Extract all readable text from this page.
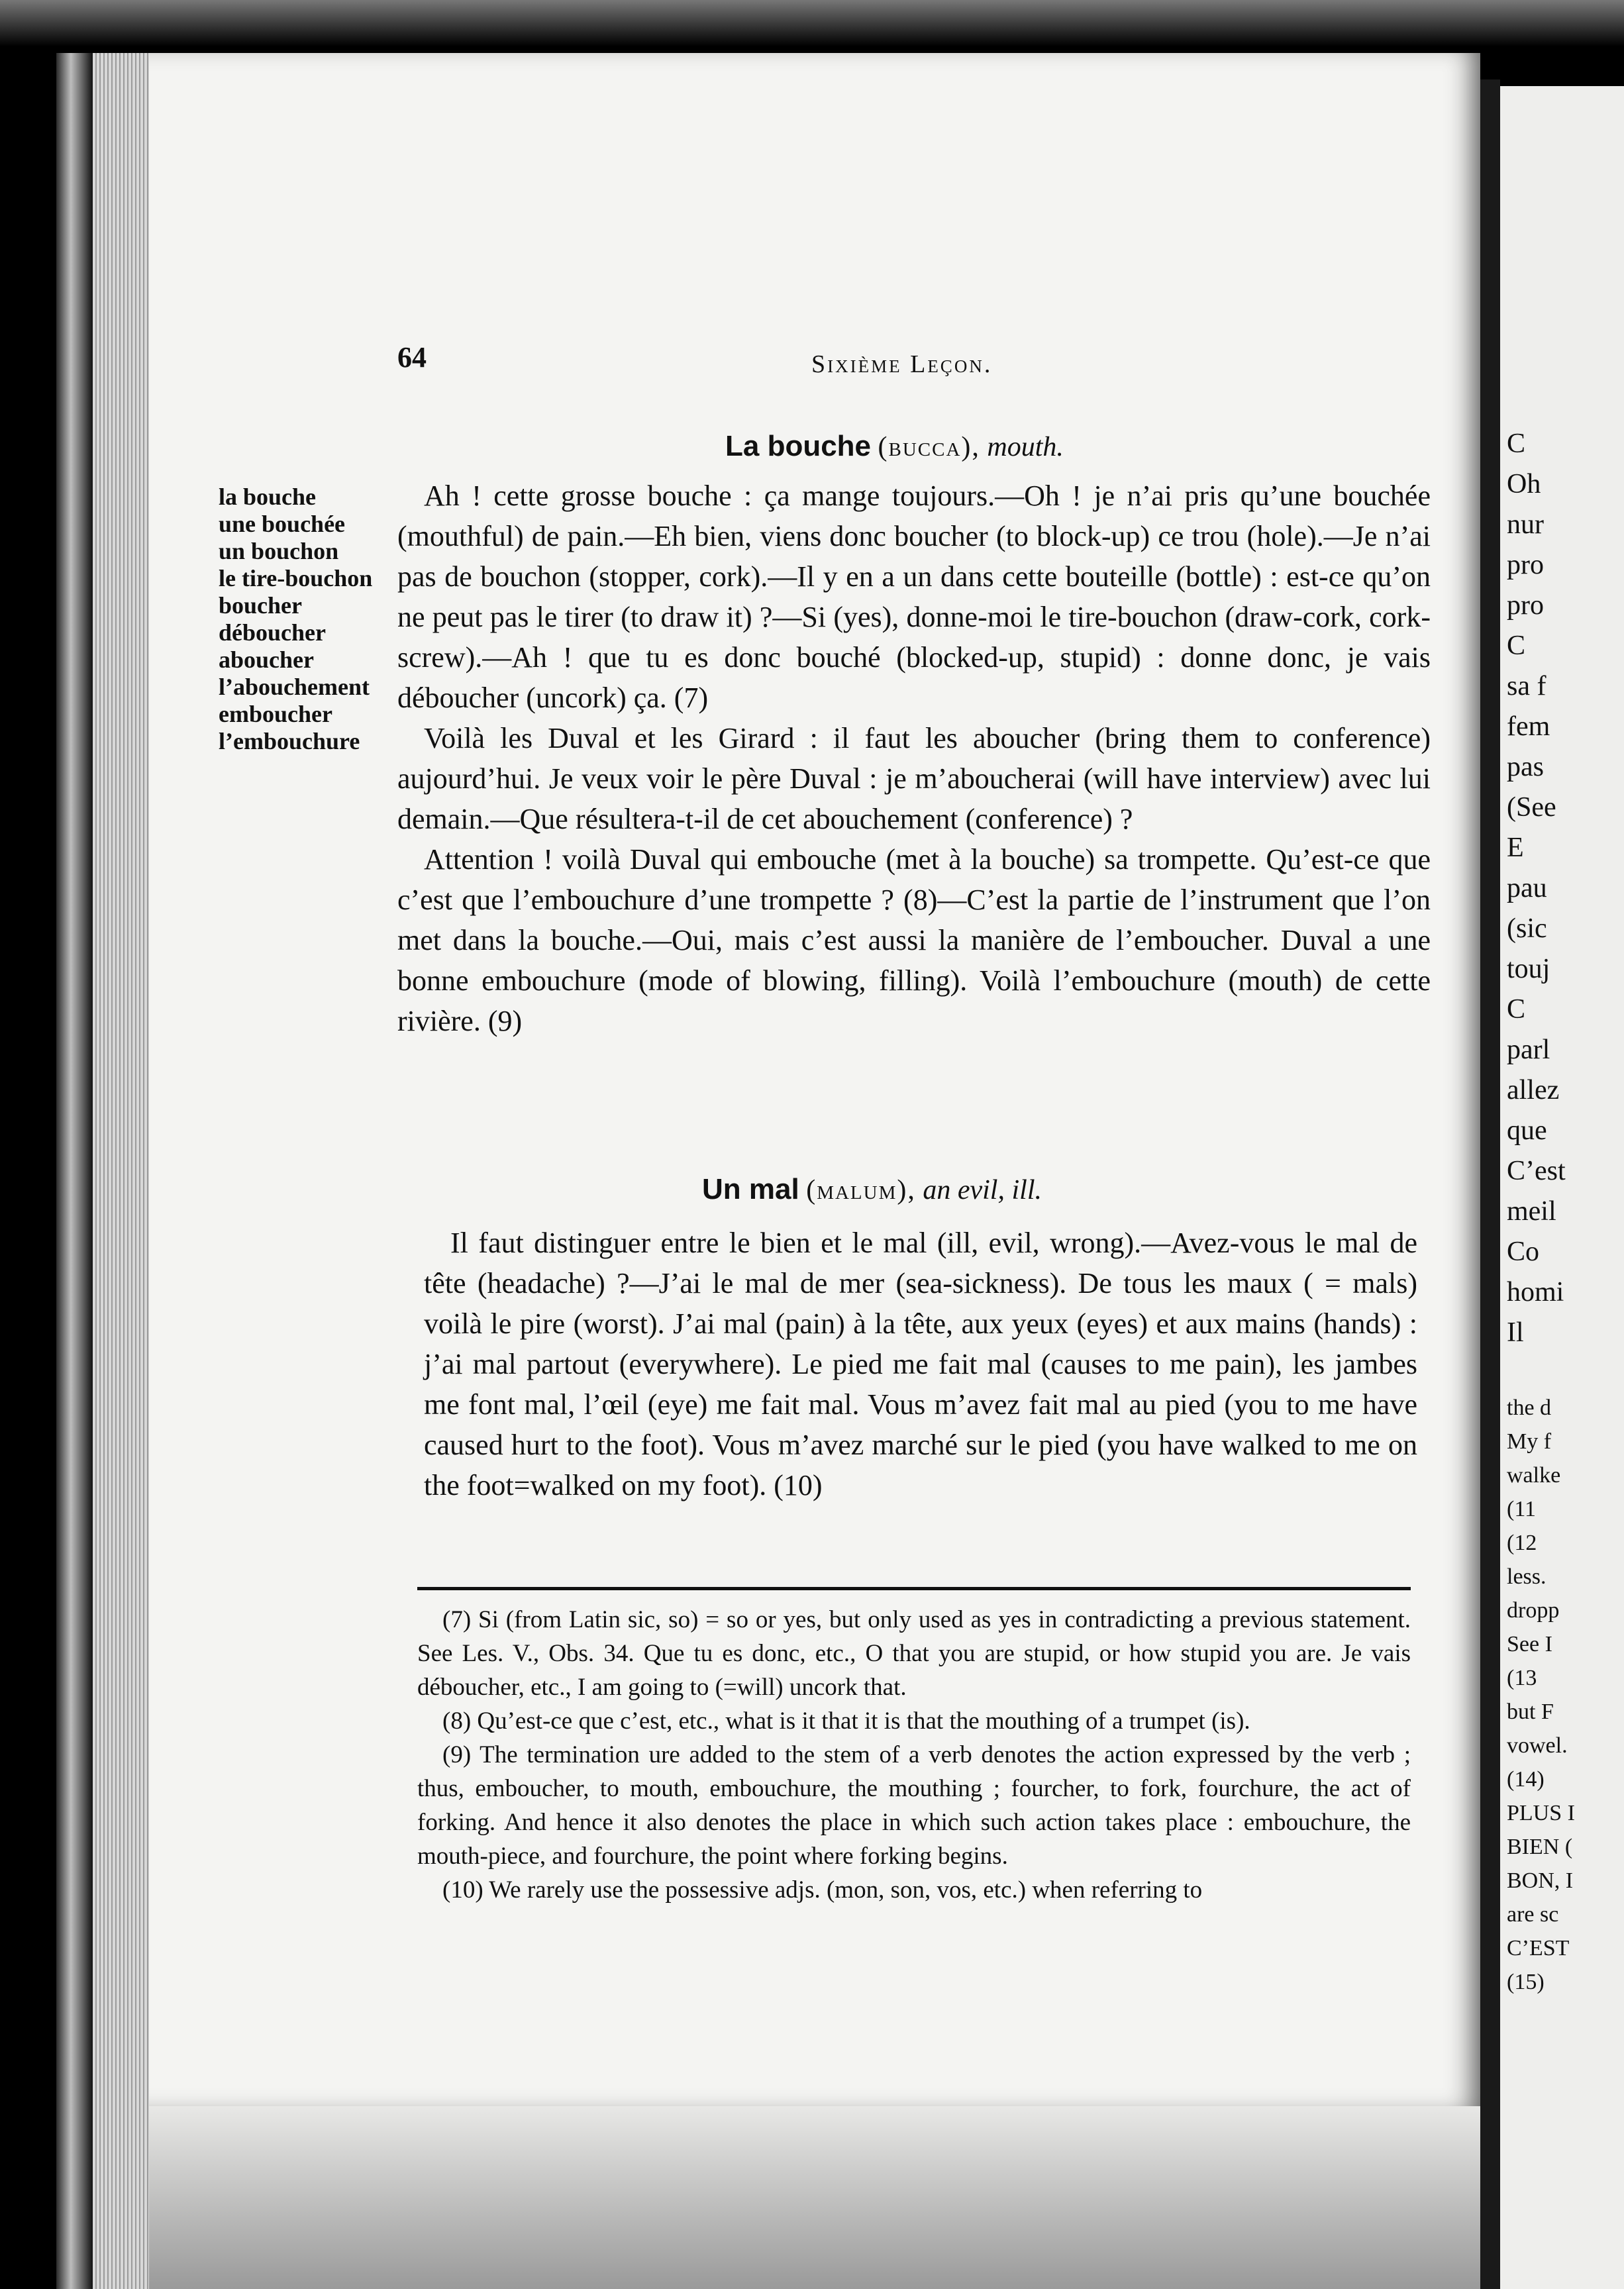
64	Sixième Leçon.
La bouche (bucca), mouth.
la bouche
une bouchée
un bouchon
le tire-bouchon
boucher
déboucher
aboucher
l’abouchement
emboucher
l’embouchure

Ah ! cette grosse bouche : ça mange toujours.—Oh ! je n’ai pris qu’une bouchée (mouthful) de pain.—Eh bien, viens donc boucher (to block-up) ce trou (hole).—Je n’ai pas de bouchon (stopper, cork).—Il y en a un dans cette bouteille (bottle) : est-ce qu’on ne peut pas le tirer (to draw it) ?—Si (yes), donne-moi le tire-bouchon (draw-cork, cork-screw).—Ah ! que tu es donc bouché (blocked-up, stupid) : donne donc, je vais déboucher (uncork) ça. (7)

Voilà les Duval et les Girard : il faut les aboucher (bring them to conference) aujourd’hui. Je veux voir le père Duval : je m’aboucherai (will have interview) avec lui demain.—Que résultera-t-il de cet abouchement (conference) ?

Attention ! voilà Duval qui embouche (met à la bouche) sa trompette. Qu’est-ce que c’est que l’embouchure d’une trompette ? (8)—C’est la partie de l’instrument que l’on met dans la bouche.—Oui, mais c’est aussi la manière de l’emboucher. Duval a une bonne embouchure (mode of blowing, filling). Voilà l’embouchure (mouth) de cette rivière. (9)

Un mal (malum), an evil, ill.

Il faut distinguer entre le bien et le mal (ill, evil, wrong).—Avez-vous le mal de tête (headache) ?—J’ai le mal de mer (sea-sickness). De tous les maux ( = mals) voilà le pire (worst). J’ai mal (pain) à la tête, aux yeux (eyes) et aux mains (hands) : j’ai mal partout (everywhere). Le pied me fait mal (causes to me pain), les jambes me font mal, l’œil (eye) me fait mal. Vous m’avez fait mal au pied (you to me have caused hurt to the foot). Vous m’avez marché sur le pied (you have walked to me on the foot=walked on my foot). (10)

(7) Si (from Latin sic, so) = so or yes, but only used as yes in contradicting a previous statement. See Les. V., Obs. 34. Que tu es donc, etc., O that you are stupid, or how stupid you are. Je vais déboucher, etc., I am going to (=will) uncork that.

(8) Qu’est-ce que c’est, etc., what is it that it is that the mouthing of a trumpet (is).

(9) The termination ure added to the stem of a verb denotes the action expressed by the verb ; thus, emboucher, to mouth, embouchure, the mouthing ; fourcher, to fork, fourchure, the act of forking. And hence it also denotes the place in which such action takes place : embouchure, the mouth-piece, and fourchure, the point where forking begins.

(10) We rarely use the possessive adjs. (mon, son, vos, etc.) when referring to

C
Oh
nur
pro
pro
C
sa f
fem
pas
(See
E
pau
(sic
touj
C
parl
allez
que
C’est
meil
Co
homi
Il
the d
My f
walke
(11
(12
less.
dropp
See I
(13
but F
vowel.
(14)
PLUS I
BIEN (
BON, I
are sc
C’EST
(15)
